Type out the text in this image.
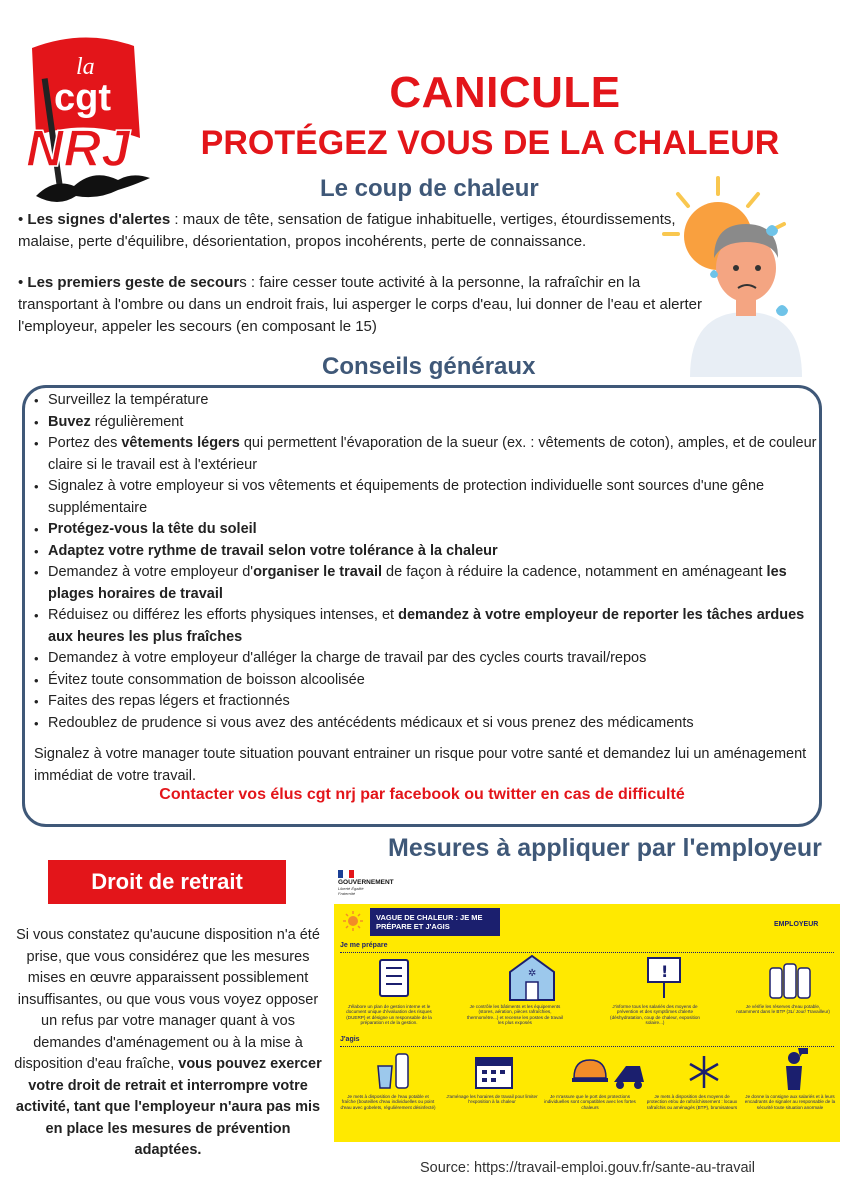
la
cgt
NRJ
CANICULE
PROTÉGEZ VOUS DE LA CHALEUR
Le coup de chaleur
• Les signes d'alertes : maux de tête, sensation de fatigue inhabituelle, vertiges, étourdissements, malaise, perte d'équilibre, désorientation, propos incohérents, perte de connaissance.
• Les premiers geste de secours : faire cesser toute activité à la personne, la rafraîchir en la transportant à l'ombre ou dans un endroit frais, lui asperger le corps d'eau, lui donner de l'eau et alerter l'employeur, appeler les secours (en composant le 15)
Conseils généraux
• Surveillez la température
• Buvez régulièrement
• Portez des vêtements légers qui permettent l'évaporation de la sueur (ex. : vêtements de coton), amples, et de couleur claire si le travail est à l'extérieur
• Signalez à votre employeur si vos vêtements et équipements de protection individuelle sont sources d'une gêne supplémentaire
• Protégez-vous la tête du soleil
• Adaptez votre rythme de travail selon votre tolérance à la chaleur
• Demandez à votre employeur d'organiser le travail de façon à réduire la cadence, notamment en aménageant les plages horaires de travail
• Réduisez ou différez les efforts physiques intenses, et demandez à votre employeur de reporter les tâches ardues aux heures les plus fraîches
• Demandez à votre employeur d'alléger la charge de travail par des cycles courts travail/repos
• Évitez toute consommation de boisson alcoolisée
• Faites des repas légers et fractionnés
• Redoublez de prudence si vous avez des antécédents médicaux et si vous prenez des médicaments
Signalez à votre manager toute situation pouvant entrainer un risque pour votre santé et demandez lui un aménagement immédiat de votre travail.
Contacter vos élus cgt nrj par facebook ou twitter en cas de difficulté
Droit de retrait
Si vous constatez qu'aucune disposition n'a été prise, que vous considérez que les mesures mises en œuvre apparaissent possiblement insuffisantes, ou que vous vous voyez opposer un refus par votre manager quant à vos demandes d'aménagement ou à la mise à disposition d'eau fraîche, vous pouvez exercer votre droit de retrait et interrompre votre activité, tant que l'employeur n'aura pas mis en place les mesures de prévention adaptées.
Mesures à appliquer par l'employeur
GOUVERNEMENT
Liberté Égalité Fraternité
VAGUE DE CHALEUR : JE ME PRÉPARE ET J'AGIS	EMPLOYEUR
Je me prépare
✲	!
J'élabore un plan de gestion interne et le document unique d'évaluation des risques (DUERP) et désigne un responsable de la préparation et de la gestion.
Je contrôle les bâtiments et les équipements (stores, aération, pièces rafraîchies, thermomètre...) et recense les postes de travail les plus exposés
J'informe tous les salariés des moyens de prévention et des symptômes d'alerte (déshydratation, coup de chaleur, exposition solaire...)
Je vérifie les réserves d'eau potable, notamment dans le BTP (3L/ Jour/ Travailleur)
J'agis
Je mets à disposition de l'eau potable et fraîche (bouteilles d'eau individuelles ou point d'eau avec gobelets, régulièrement désinfecté)
J'aménage les horaires de travail pour limiter l'exposition à la chaleur
Je m'assure que le port des protections individuelles sont compatibles avec les fortes chaleurs
Je mets à disposition des moyens de protection et/ou de rafraîchissement : locaux rafraîchis ou aménagés (BTP), brumisateurs
Je donne la consigne aux salariés et à leurs encadrants de signaler au responsable de la sécurité toute situation anormale
Source: https://travail-emploi.gouv.fr/sante-au-travail
